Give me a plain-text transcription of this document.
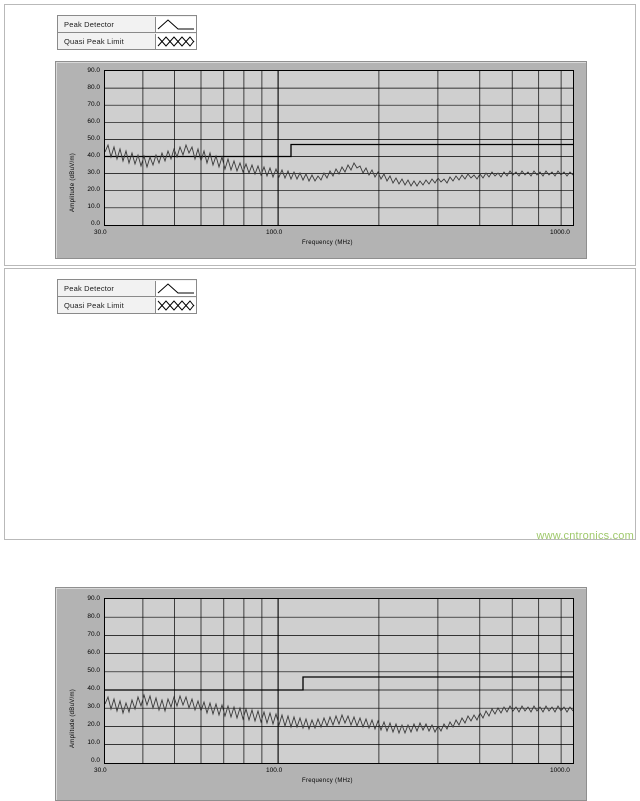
Peak Detector
Quasi Peak Limit
Amplitude (dBuV/m)
90.0
80.0
70.0
60.0
50.0
40.0
30.0
20.0
10.0
0.0
30.0	100.0	1000.0
Frequency (MHz)
Peak Detector
Quasi Peak Limit
Amplitude (dBuV/m)
90.0
80.0
70.0
60.0
50.0
40.0
30.0
20.0
10.0
0.0
30.0	100.0	1000.0
Frequency (MHz)
www.cntronics.com
